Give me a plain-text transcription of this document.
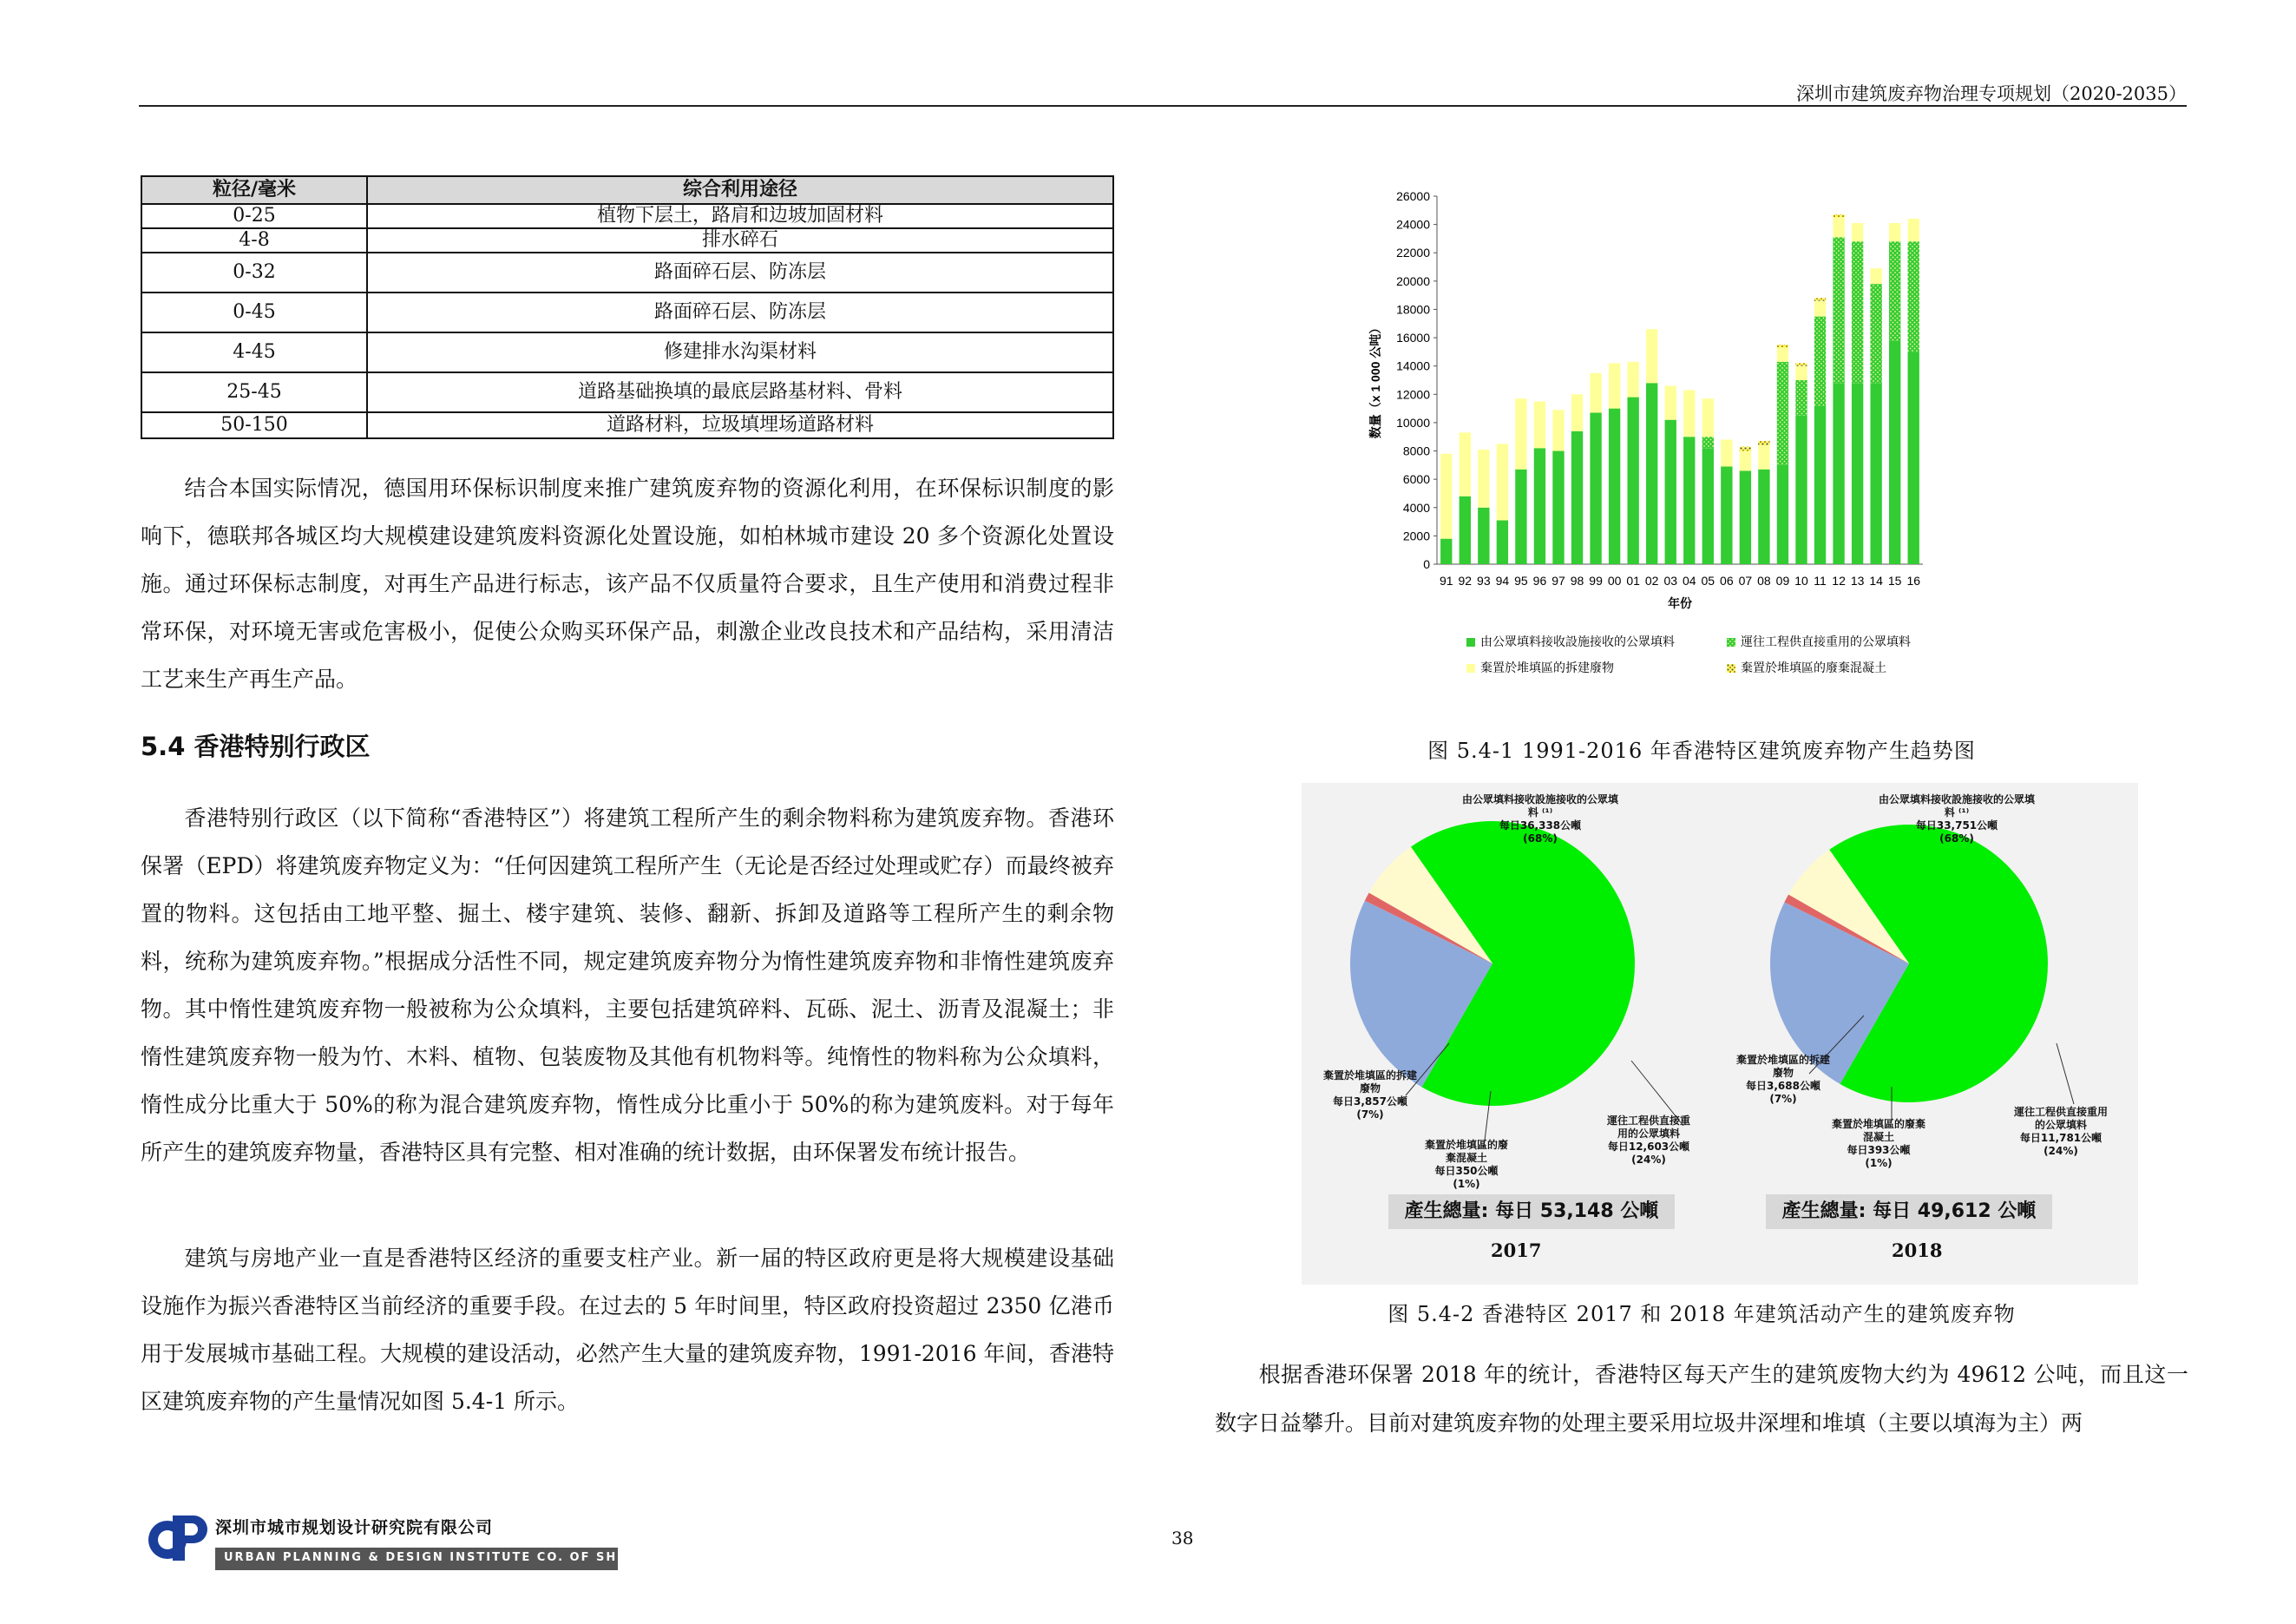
深圳市建筑废弃物治理专项规划（2020-2035）
粒径/毫米	综合利用途径
0-25	植物下层土，路肩和边坡加固材料
4-8	排水碎石
0-32	路面碎石层、防冻层
0-45	路面碎石层、防冻层
4-45	修建排水沟渠材料
25-45	道路基础换填的最底层路基材料、骨料
50-150	道路材料，垃圾填埋场道路材料
结合本国实际情况，德国用环保标识制度来推广建筑废弃物的资源化利用，在环保标识制度的影响下，德联邦各城区均大规模建设建筑废料资源化处置设施，如柏林城市建设 20 多个资源化处置设施。通过环保标志制度，对再生产品进行标志，该产品不仅质量符合要求，且生产使用和消费过程非常环保，对环境无害或危害极小，促使公众购买环保产品，刺激企业改良技术和产品结构，采用清洁工艺来生产再生产品。
5.4 香港特别行政区
香港特别行政区（以下简称“香港特区”）将建筑工程所产生的剩余物料称为建筑废弃物。香港环保署（EPD）将建筑废弃物定义为：“任何因建筑工程所产生（无论是否经过处理或贮存）而最终被弃置的物料。这包括由工地平整、掘土、楼宇建筑、装修、翻新、拆卸及道路等工程所产生的剩余物料，统称为建筑废弃物。”根据成分活性不同，规定建筑废弃物分为惰性建筑废弃物和非惰性建筑废弃物。其中惰性建筑废弃物一般被称为公众填料，主要包括建筑碎料、瓦砾、泥土、沥青及混凝土；非惰性建筑废弃物一般为竹、木料、植物、包装废物及其他有机物料等。纯惰性的物料称为公众填料，惰性成分比重大于 50%的称为混合建筑废弃物，惰性成分比重小于 50%的称为建筑废料。对于每年所产生的建筑废弃物量，香港特区具有完整、相对准确的统计数据，由环保署发布统计报告。
建筑与房地产业一直是香港特区经济的重要支柱产业。新一届的特区政府更是将大规模建设基础设施作为振兴香港特区当前经济的重要手段。在过去的 5 年时间里，特区政府投资超过 2350 亿港币用于发展城市基础工程。大规模的建设活动，必然产生大量的建筑废弃物，1991-2016 年间，香港特区建筑废弃物的产生量情况如图 5.4-1 所示。
0
2000
4000
6000
8000
10000
12000
14000
16000
18000
20000
22000
24000
26000
数量（x 1 000 公吨）
91 92 93 94 95 96 97 98 99 00 01 02 03 04 05 06 07 08 09 10 11 12 13 14 15 16
年份
由公眾填料接收設施接收的公眾填料	運往工程供直接重用的公眾填料
棄置於堆填區的拆建廢物	棄置於堆填區的廢棄混凝土
图 5.4-1 1991-2016 年香港特区建筑废弃物产生趋势图
由公眾填料接收設施接收的公眾填料 ⁽¹⁾
每日36,338公噸
(68%)
棄置於堆填區的拆建廢物
每日3,857公噸
(7%)
棄置於堆填區的廢棄混凝土
每日350公噸
(1%)
運往工程供直接重用的公眾填料
每日12,603公噸
(24%)
產生總量: 每日 53,148 公噸
2017
由公眾填料接收設施接收的公眾填料 ⁽¹⁾
每日33,751公噸
(68%)
棄置於堆填區的拆建廢物
每日3,688公噸
(7%)
棄置於堆填區的廢棄混凝土
每日393公噸
(1%)
運往工程供直接重用的公眾填料
每日11,781公噸
(24%)
產生總量: 每日 49,612 公噸
2018
图 5.4-2 香港特区 2017 和 2018 年建筑活动产生的建筑废弃物
根据香港环保署 2018 年的统计，香港特区每天产生的建筑废物大约为 49612 公吨，而且这一数字日益攀升。目前对建筑废弃物的处理主要采用垃圾井深埋和堆填（主要以填海为主）两
深圳市城市规划设计研究院有限公司
URBAN PLANNING & DESIGN INSTITUTE CO. OF SHENZHEN
38
